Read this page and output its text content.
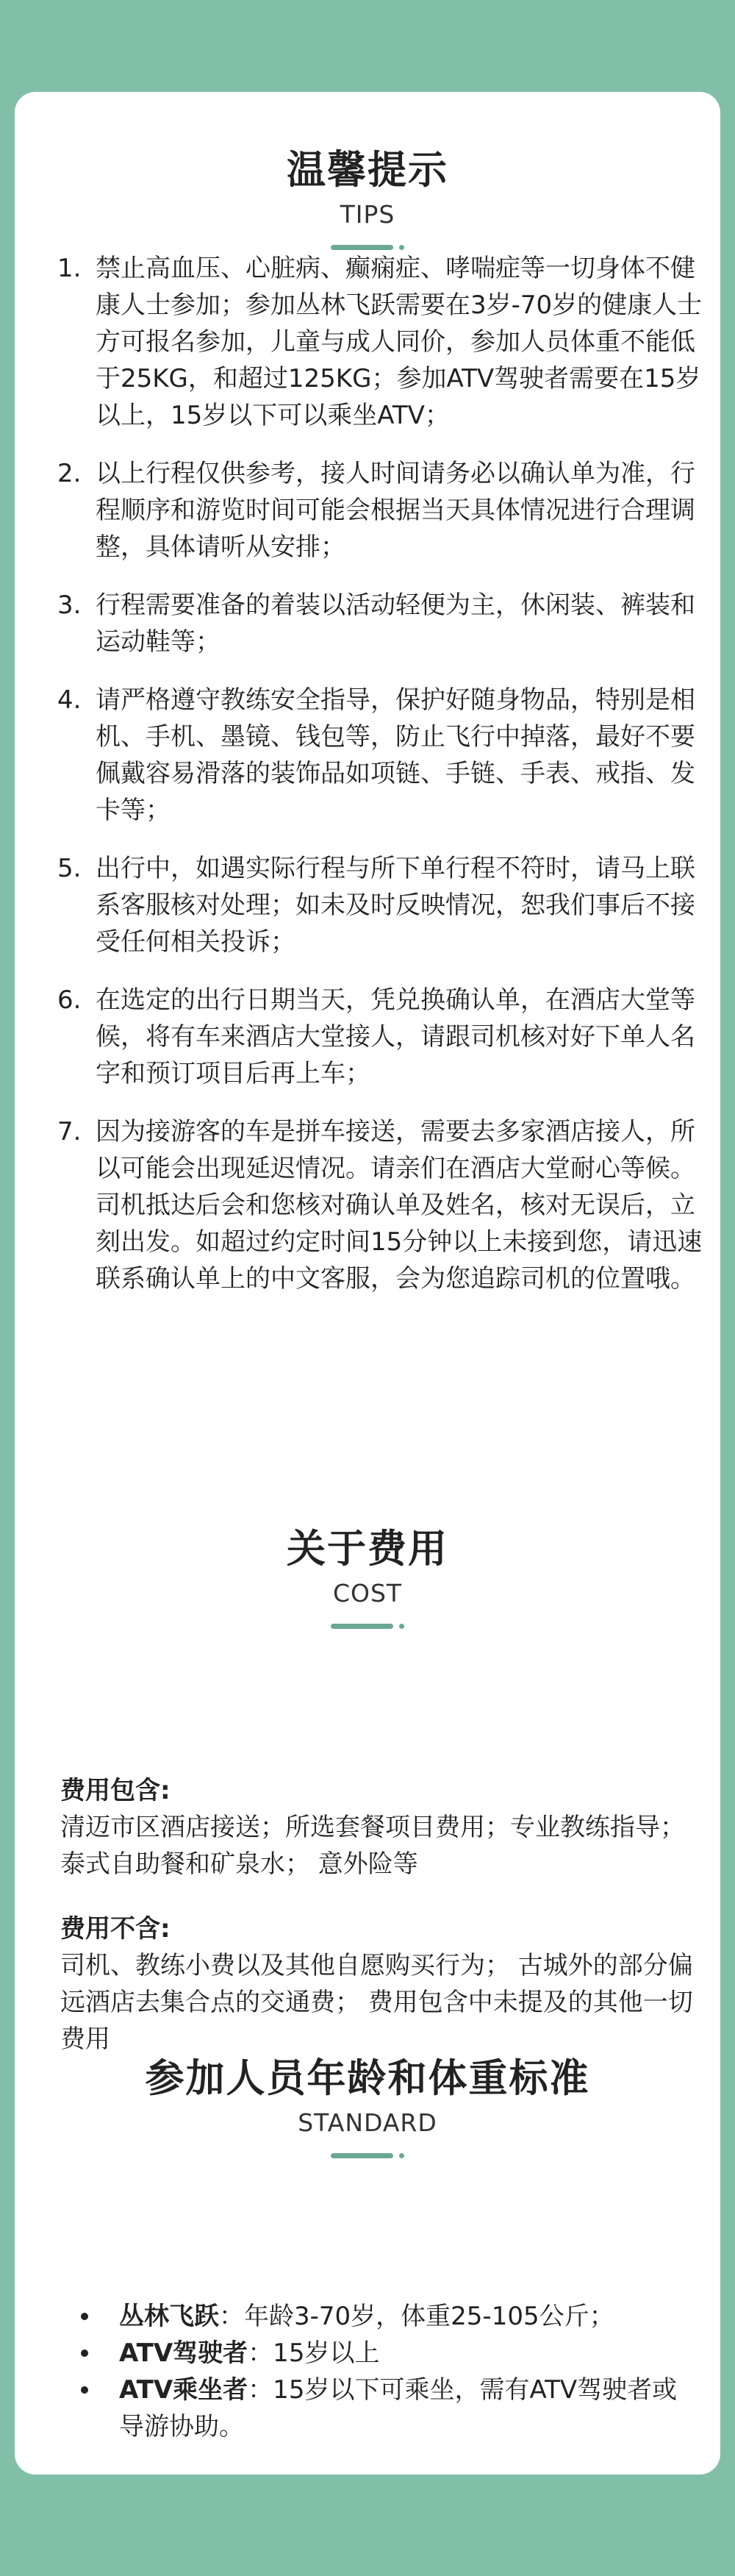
温馨提示
TIPS
1. 禁止高血压、心脏病、癫痫症、哮喘症等一切身体不健康人士参加；参加丛林飞跃需要在3岁-70岁的健康人士方可报名参加，儿童与成人同价，参加人员体重不能低于25KG，和超过125KG；参加ATV驾驶者需要在15岁以上，15岁以下可以乘坐ATV；
2. 以上行程仅供参考，接人时间请务必以确认单为准，行程顺序和游览时间可能会根据当天具体情况进行合理调整，具体请听从安排；
3. 行程需要准备的着装以活动轻便为主，休闲装、裤装和运动鞋等；
4. 请严格遵守教练安全指导，保护好随身物品，特别是相机、手机、墨镜、钱包等，防止飞行中掉落，最好不要佩戴容易滑落的装饰品如项链、手链、手表、戒指、发卡等；
5. 出行中，如遇实际行程与所下单行程不符时，请马上联系客服核对处理；如未及时反映情况，恕我们事后不接受任何相关投诉；
6. 在选定的出行日期当天，凭兑换确认单，在酒店大堂等候，将有车来酒店大堂接人，请跟司机核对好下单人名字和预订项目后再上车；
7. 因为接游客的车是拼车接送，需要去多家酒店接人，所以可能会出现延迟情况。请亲们在酒店大堂耐心等候。司机抵达后会和您核对确认单及姓名，核对无误后，立刻出发。如超过约定时间15分钟以上未接到您，请迅速联系确认单上的中文客服，会为您追踪司机的位置哦。
关于费用
COST
费用包含:
清迈市区酒店接送；所选套餐项目费用；专业教练指导；泰式自助餐和矿泉水； 意外险等
费用不含:
司机、教练小费以及其他自愿购买行为； 古城外的部分偏远酒店去集合点的交通费； 费用包含中未提及的其他一切费用
参加人员年龄和体重标准
STANDARD
丛林飞跃：年龄3-70岁，体重25-105公斤；
ATV驾驶者：15岁以上
ATV乘坐者：15岁以下可乘坐，需有ATV驾驶者或导游协助。
